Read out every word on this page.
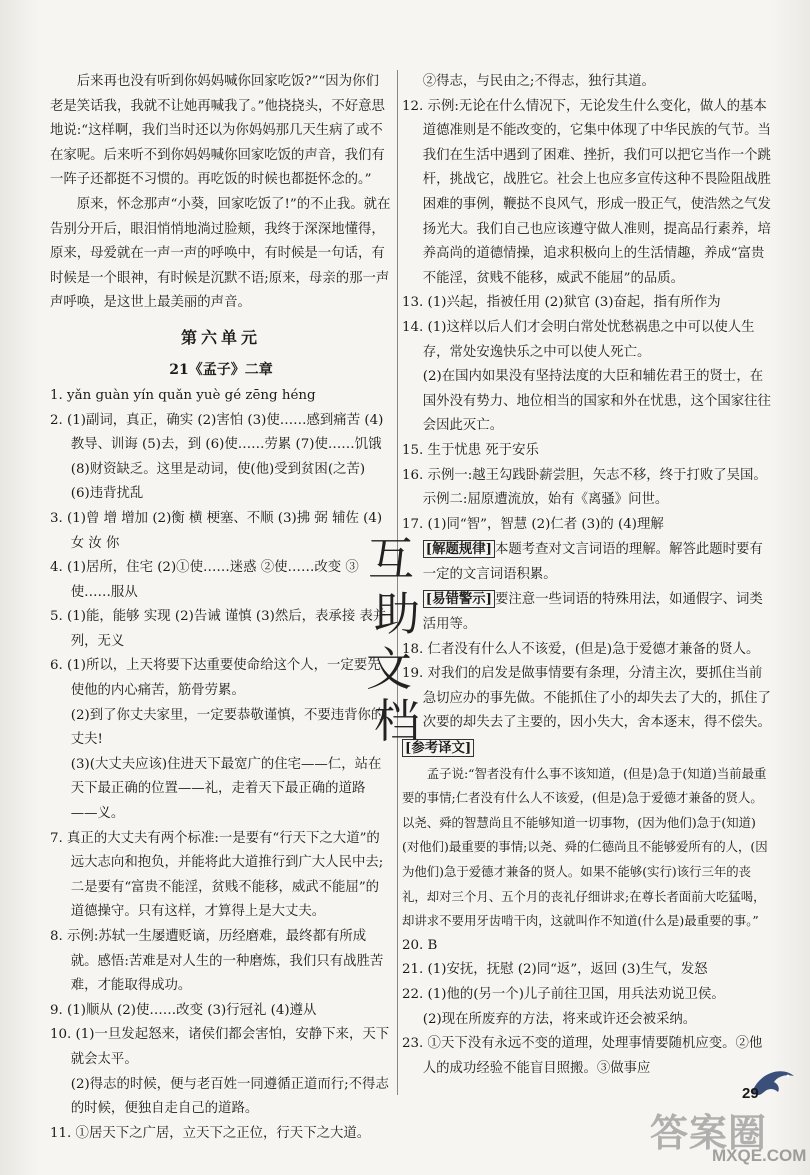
后来再也没有听到你妈妈喊你回家吃饭?”“因为你们老是笑话我，我就不让她再喊我了。”他挠挠头，不好意思地说:“这样啊，我们当时还以为你妈妈那几天生病了或不在家呢。后来听不到你妈妈喊你回家吃饭的声音，我们有一阵子还都挺不习惯的。再吃饭的时候也都挺怀念的。”

原来，怀念那声“小葵，回家吃饭了!”的不止我。就在告别分开后，眼泪悄悄地淌过脸颊，我终于深深地懂得，原来，母爱就在一声一声的呼唤中，有时候是一句话，有时候是一个眼神，有时候是沉默不语;原来，母亲的那一声声呼唤，是这世上最美丽的声音。

第六单元
21《孟子》二章
1. yǎn guàn yín quǎn yuè gé zēng héng
2. (1)副词，真正，确实 (2)害怕 (3)使……感到痛苦 (4)教导、训诲 (5)去，到 (6)使……劳累 (7)使……饥饿 (8)财资缺乏。这里是动词，使(他)受到贫困(之苦)
(6)违背扰乱
3. (1)曾 增 增加 (2)衡 横 梗塞、不顺 (3)拂 弼 辅佐 (4)女 汝 你
4. (1)居所，住宅 (2)①使……迷惑 ②使……改变 ③使……服从
5. (1)能，能够 实现 (2)告诫 谨慎 (3)然后，表承接 表并列，无义
6. (1)所以，上天将要下达重要使命给这个人，一定要先使他的内心痛苦，筋骨劳累。
(2)到了你丈夫家里，一定要恭敬谨慎，不要违背你的丈夫!
(3)(大丈夫应该)住进天下最宽广的住宅——仁，站在天下最正确的位置——礼，走着天下最正确的道路——义。
7. 真正的大丈夫有两个标准:一是要有“行天下之大道”的远大志向和抱负，并能将此大道推行到广大人民中去;二是要有“富贵不能淫，贫贱不能移，威武不能屈”的道德操守。只有这样，才算得上是大丈夫。
8. 示例:苏轼一生屡遭贬谪，历经磨难，最终都有所成就。感悟:苦难是对人生的一种磨炼，我们只有战胜苦难，才能取得成功。
9. (1)顺从 (2)使……改变 (3)行冠礼 (4)遵从
10. (1)一旦发起怒来，诸侯们都会害怕，安静下来，天下就会太平。
(2)得志的时候，便与老百姓一同遵循正道而行;不得志的时候，便独自走自己的道路。
11. ①居天下之广居，立天下之正位，行天下之大道。
②得志，与民由之;不得志，独行其道。
12. 示例:无论在什么情况下，无论发生什么变化，做人的基本道德准则是不能改变的，它集中体现了中华民族的气节。当我们在生活中遇到了困难、挫折，我们可以把它当作一个跳杆，挑战它，战胜它。社会上也应多宣传这种不畏险阻战胜困难的事例，鞭挞不良风气，形成一股正气，使浩然之气发扬光大。我们自己也应该遵守做人准则，提高品行素养，培养高尚的道德情操，追求积极向上的生活情趣，养成“富贵不能淫，贫贱不能移，威武不能屈”的品质。
13. (1)兴起，指被任用 (2)狱官 (3)奋起，指有所作为
14. (1)这样以后人们才会明白常处忧愁祸患之中可以使人生存，常处安逸快乐之中可以使人死亡。
(2)在国内如果没有坚持法度的大臣和辅佐君王的贤士，在国外没有势力、地位相当的国家和外在忧患，这个国家往往会因此灭亡。
15. 生于忧患 死于安乐
16. 示例一:越王勾践卧薪尝胆，矢志不移，终于打败了吴国。 示例二:屈原遭流放，始有《离骚》问世。
17. (1)同“智”，智慧 (2)仁者 (3)的 (4)理解
[解题规律] 本题考查对文言词语的理解。解答此题时要有一定的文言词语积累。
[易错警示] 要注意一些词语的特殊用法，如通假字、词类活用等。
18. 仁者没有什么人不该爱，(但是)急于爱德才兼备的贤人。
19. 对我们的启发是做事情要有条理，分清主次，要抓住当前急切应办的事先做。不能抓住了小的却失去了大的，抓住了次要的却失去了主要的，因小失大，舍本逐末，得不偿失。
[参考译文]
孟子说:“智者没有什么事不该知道，(但是)急于(知道)当前最重要的事情;仁者没有什么人不该爱，(但是)急于爱德才兼备的贤人。以尧、舜的智慧尚且不能够知道一切事物，(因为他们)急于(知道)(对他们)最重要的事情;以尧、舜的仁德尚且不能够爱所有的人，(因为他们)急于爱德才兼备的贤人。如果不能够(实行)该行三年的丧礼，却对三个月、五个月的丧礼仔细讲求;在尊长者面前大吃猛喝，却讲求不要用牙齿啃干肉，这就叫作不知道(什么是)最重要的事。”
20. B
21. (1)安抚，抚慰 (2)同“返”，返回 (3)生气，发怒
22. (1)他的(另一个)儿子前往卫国，用兵法劝说卫侯。
(2)现在所废弃的方法，将来或许还会被采纳。
23. ①天下没有永远不变的道理，处理事情要随机应变。②他人的成功经验不能盲目照搬。③做事应
互
助
文
档
29
答案圈
MXQE.COM
